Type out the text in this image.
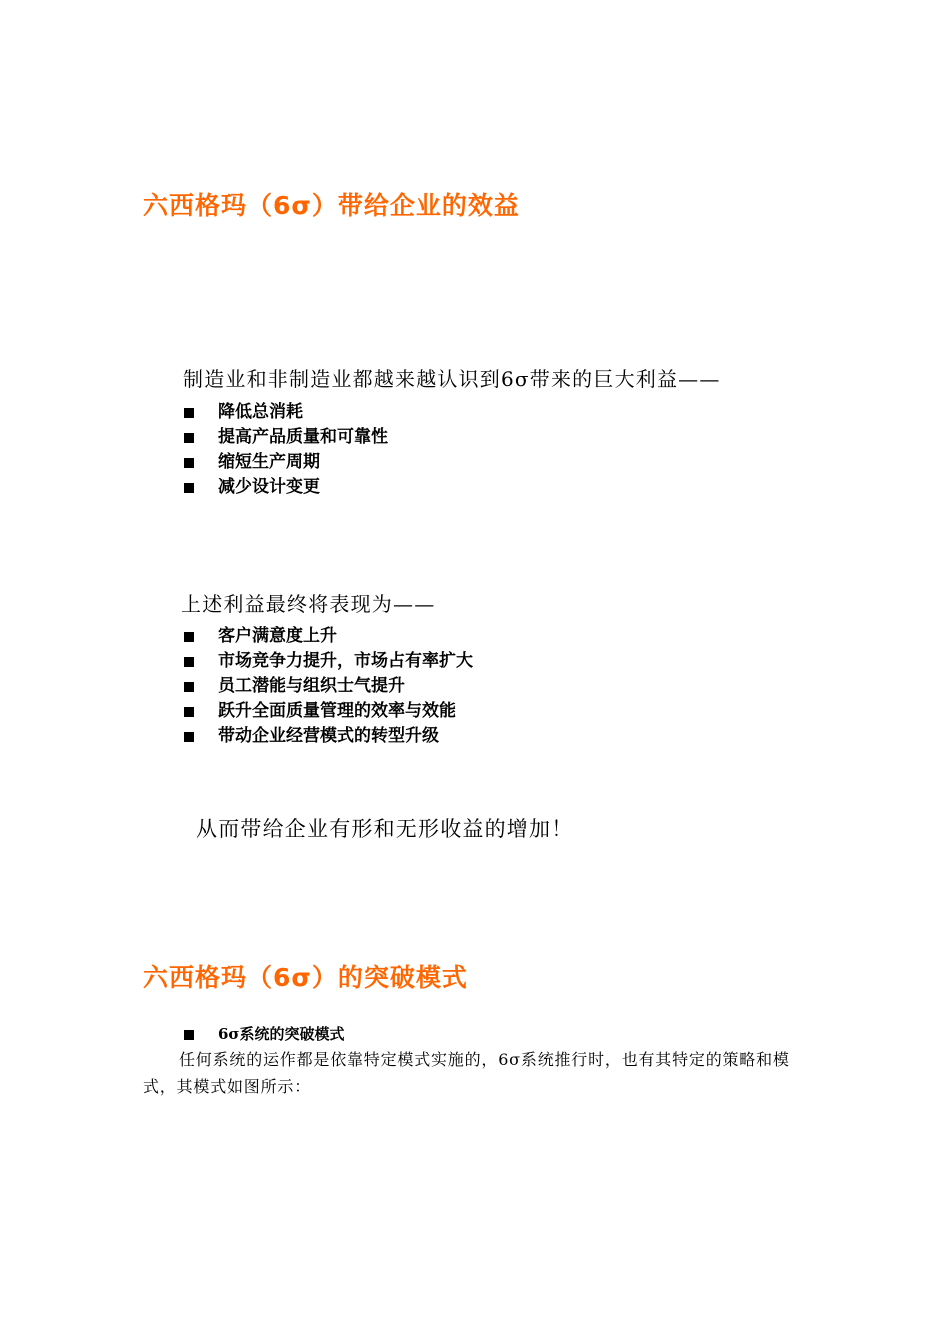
六西格玛（6σ）带给企业的效益

制造业和非制造业都越来越认识到6σ带来的巨大利益——

降低总消耗
提高产品质量和可靠性
缩短生产周期
减少设计变更

上述利益最终将表现为——

客户满意度上升
市场竞争力提升，市场占有率扩大
员工潜能与组织士气提升
跃升全面质量管理的效率与效能
带动企业经营模式的转型升级

从而带给企业有形和无形收益的增加！

六西格玛（6σ）的突破模式
6σ系统的突破模式

任何系统的运作都是依靠特定模式实施的，6σ系统推行时，也有其特定的策略和模式，其模式如图所示：
